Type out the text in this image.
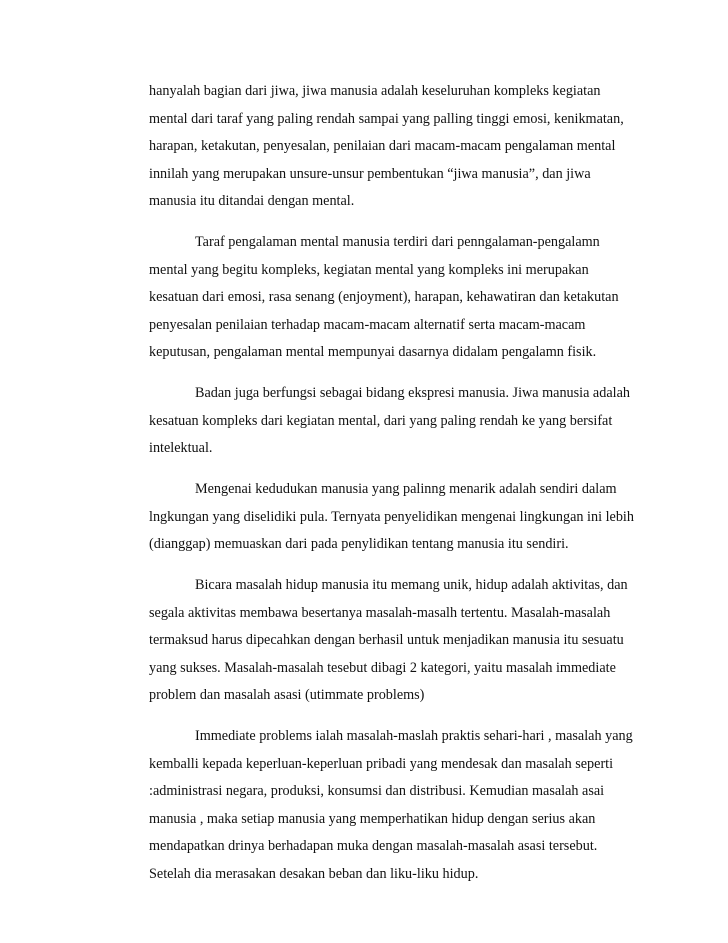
hanyalah bagian dari jiwa, jiwa manusia adalah keseluruhan kompleks kegiatan
mental dari taraf yang paling rendah sampai yang palling tinggi emosi, kenikmatan,
harapan, ketakutan, penyesalan, penilaian dari macam-macam pengalaman mental
innilah yang merupakan unsure-unsur pembentukan “jiwa manusia”, dan jiwa
manusia itu ditandai dengan mental.

Taraf pengalaman mental manusia terdiri dari penngalaman-pengalamn
mental yang begitu kompleks, kegiatan mental yang kompleks ini merupakan
kesatuan dari emosi, rasa senang (enjoyment), harapan, kehawatiran dan ketakutan
penyesalan penilaian terhadap macam-macam alternatif serta macam-macam
keputusan, pengalaman mental mempunyai dasarnya didalam pengalamn fisik.

Badan juga berfungsi sebagai bidang ekspresi manusia. Jiwa manusia adalah
kesatuan kompleks dari kegiatan mental, dari yang paling rendah ke yang bersifat
intelektual.

Mengenai kedudukan manusia yang palinng menarik adalah sendiri dalam
lngkungan yang diselidiki pula. Ternyata penyelidikan mengenai lingkungan ini lebih
(dianggap) memuaskan dari pada penylidikan tentang manusia itu sendiri.

Bicara masalah hidup manusia itu memang unik, hidup adalah aktivitas, dan
segala aktivitas membawa besertanya masalah-masalh tertentu. Masalah-masalah
termaksud harus dipecahkan dengan berhasil untuk menjadikan manusia itu sesuatu
yang sukses. Masalah-masalah tesebut dibagi 2 kategori, yaitu masalah immediate
problem dan masalah asasi (utimmate problems)

Immediate problems ialah masalah-maslah praktis sehari-hari , masalah yang
kemballi kepada keperluan-keperluan pribadi yang mendesak dan masalah seperti
:administrasi negara, produksi, konsumsi dan distribusi. Kemudian masalah asai
manusia , maka setiap manusia yang memperhatikan hidup dengan serius akan
mendapatkan drinya berhadapan muka dengan masalah-masalah asasi tersebut.
Setelah dia merasakan desakan beban dan liku-liku hidup.
